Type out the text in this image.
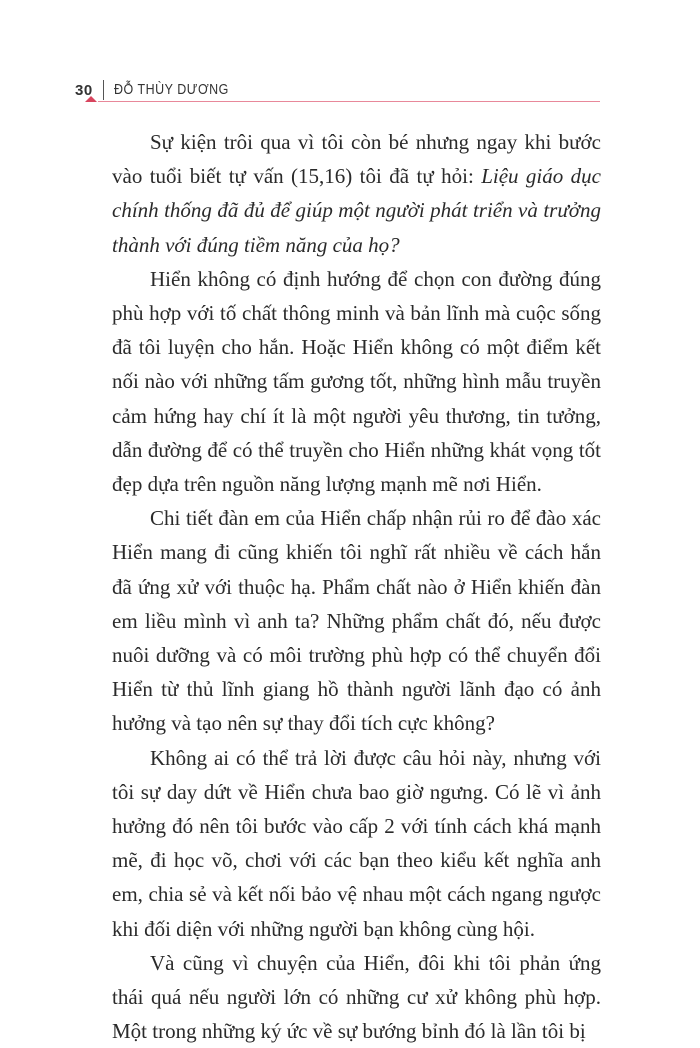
30 ĐỖ THÙY DƯƠNG

Sự kiện trôi qua vì tôi còn bé nhưng ngay khi bước vào tuổi biết tự vấn (15,16) tôi đã tự hỏi: Liệu giáo dục chính thống đã đủ để giúp một người phát triển và trưởng thành với đúng tiềm năng của họ?

Hiển không có định hướng để chọn con đường đúng phù hợp với tố chất thông minh và bản lĩnh mà cuộc sống đã tôi luyện cho hắn. Hoặc Hiển không có một điểm kết nối nào với những tấm gương tốt, những hình mẫu truyền cảm hứng hay chí ít là một người yêu thương, tin tưởng, dẫn đường để có thể truyền cho Hiển những khát vọng tốt đẹp dựa trên nguồn năng lượng mạnh mẽ nơi Hiển.

Chi tiết đàn em của Hiển chấp nhận rủi ro để đào xác Hiển mang đi cũng khiến tôi nghĩ rất nhiều về cách hắn đã ứng xử với thuộc hạ. Phẩm chất nào ở Hiển khiến đàn em liều mình vì anh ta? Những phẩm chất đó, nếu được nuôi dưỡng và có môi trường phù hợp có thể chuyển đổi Hiển từ thủ lĩnh giang hồ thành người lãnh đạo có ảnh hưởng và tạo nên sự thay đổi tích cực không?

Không ai có thể trả lời được câu hỏi này, nhưng với tôi sự day dứt về Hiển chưa bao giờ ngưng. Có lẽ vì ảnh hưởng đó nên tôi bước vào cấp 2 với tính cách khá mạnh mẽ, đi học võ, chơi với các bạn theo kiểu kết nghĩa anh em, chia sẻ và kết nối bảo vệ nhau một cách ngang ngược khi đối diện với những người bạn không cùng hội.

Và cũng vì chuyện của Hiển, đôi khi tôi phản ứng thái quá nếu người lớn có những cư xử không phù hợp. Một trong những ký ức về sự bướng bỉnh đó là lần tôi bị
